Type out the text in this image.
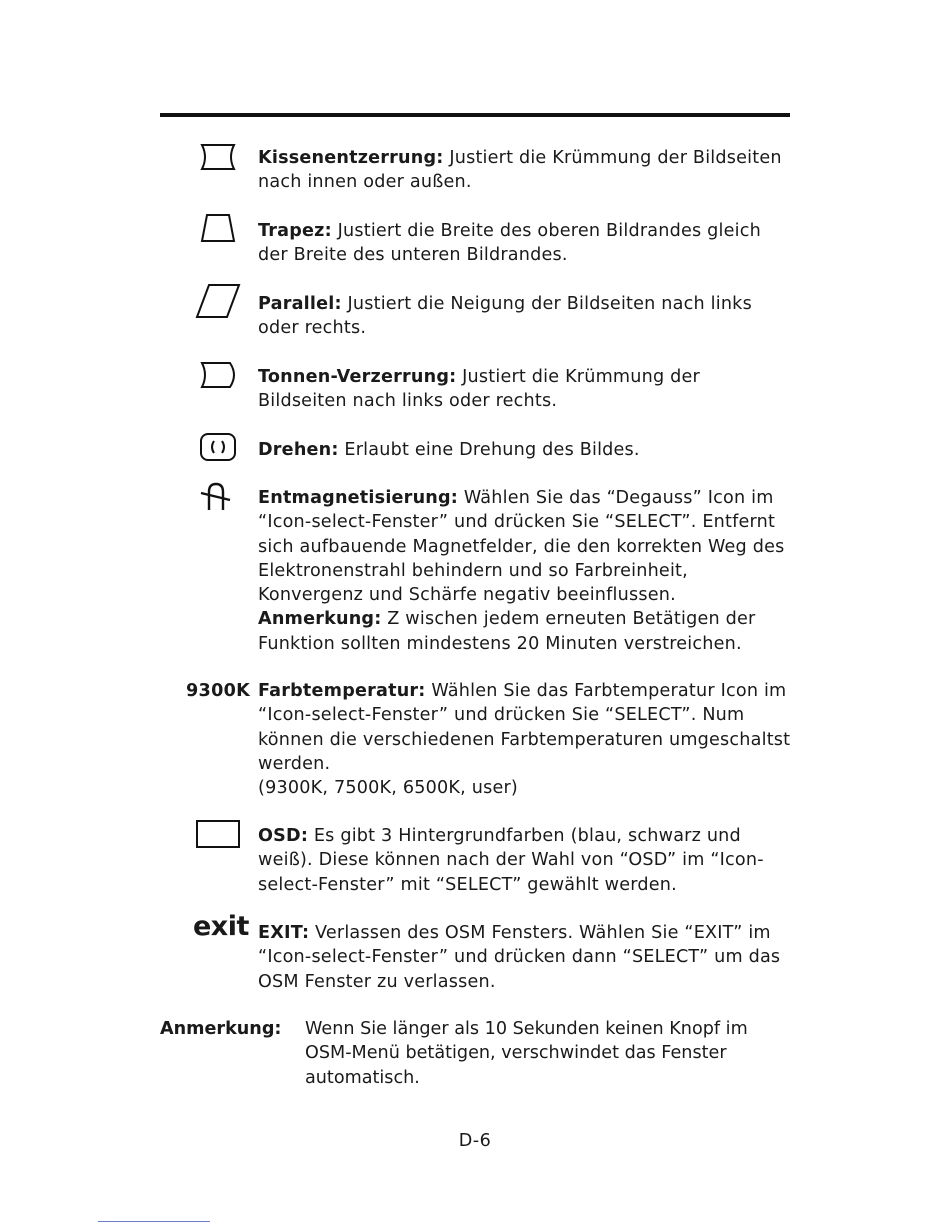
Kissenentzerrung: Justiert die Krümmung der Bildseiten nach innen oder außen.
Trapez: Justiert die Breite des oberen Bildrandes gleich der Breite des unteren Bildrandes.
Parallel: Justiert die Neigung der Bildseiten nach links oder rechts.
Tonnen-Verzerrung: Justiert die Krümmung der Bildseiten nach links oder rechts.
Drehen: Erlaubt eine Drehung des Bildes.
Entmagnetisierung: Wählen Sie das “Degauss” Icon im “Icon-select-Fenster” und drücken Sie “SELECT”. Entfernt sich aufbauende Magnetfelder, die den korrekten Weg des Elektronenstrahl behindern und so Farbreinheit, Konvergenz und Schärfe negativ beeinflussen.
Anmerkung: Z wischen jedem erneuten Betätigen der Funktion sollten mindestens 20 Minuten verstreichen.
9300K Farbtemperatur: Wählen Sie das Farbtemperatur Icon im “Icon-select-Fenster” und drücken Sie “SELECT”. Num können die verschiedenen Farbtemperaturen umgeschaltst werden.
(9300K, 7500K, 6500K, user)
OSD: Es gibt 3 Hintergrundfarben (blau, schwarz und weiß). Diese können nach der Wahl von “OSD” im “Icon-select-Fenster” mit “SELECT” gewählt werden.
exit EXIT: Verlassen des OSM Fensters. Wählen Sie “EXIT” im “Icon-select-Fenster” und drücken dann “SELECT” um das OSM Fenster zu verlassen.
Anmerkung: Wenn Sie länger als 10 Sekunden keinen Knopf im OSM-Menü betätigen, verschwindet das Fenster automatisch.
D-6
